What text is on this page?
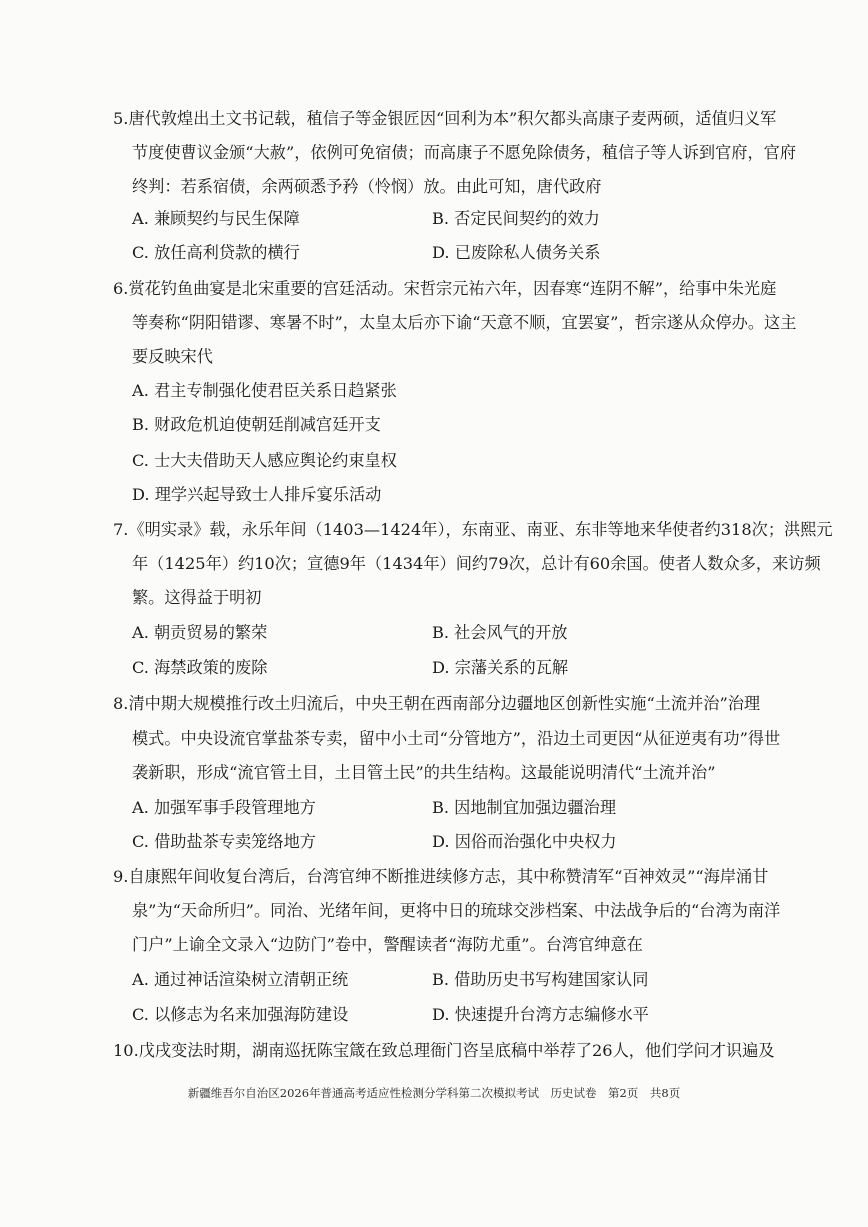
5.唐代敦煌出土文书记载，稙信子等金银匠因“回利为本”积欠都头高康子麦两硕，适值归义军
节度使曹议金颁“大赦”，依例可免宿债；而高康子不愿免除债务，稙信子等人诉到官府，官府
终判：若系宿债，余两硕悉予矜（怜悯）放。由此可知，唐代政府
A. 兼顾契约与民生保障	B. 否定民间契约的效力
C. 放任高利贷款的横行	D. 已废除私人债务关系
6.赏花钓鱼曲宴是北宋重要的宫廷活动。宋哲宗元祐六年，因春寒“连阴不解”，给事中朱光庭
等奏称“阴阳错谬、寒暑不时”，太皇太后亦下谕“天意不顺，宜罢宴”，哲宗遂从众停办。这主
要反映宋代
A. 君主专制强化使君臣关系日趋紧张
B. 财政危机迫使朝廷削减宫廷开支
C. 士大夫借助天人感应舆论约束皇权
D. 理学兴起导致士人排斥宴乐活动
7.《明实录》载，永乐年间（1403—1424年），东南亚、南亚、东非等地来华使者约318次；洪熙元
年（1425年）约10次；宣德9年（1434年）间约79次，总计有60余国。使者人数众多，来访频
繁。这得益于明初
A. 朝贡贸易的繁荣	B. 社会风气的开放
C. 海禁政策的废除	D. 宗藩关系的瓦解
8.清中期大规模推行改土归流后，中央王朝在西南部分边疆地区创新性实施“土流并治”治理
模式。中央设流官掌盐茶专卖，留中小土司“分管地方”，沿边土司更因“从征逆夷有功”得世
袭新职，形成“流官管土目，土目管土民”的共生结构。这最能说明清代“土流并治”
A. 加强军事手段管理地方	B. 因地制宜加强边疆治理
C. 借助盐茶专卖笼络地方	D. 因俗而治强化中央权力
9.自康熙年间收复台湾后，台湾官绅不断推进续修方志，其中称赞清军“百神效灵”“海岸涌甘
泉”为“天命所归”。同治、光绪年间，更将中日的琉球交涉档案、中法战争后的“台湾为南洋
门户”上谕全文录入“边防门”卷中，警醒读者“海防尤重”。台湾官绅意在
A. 通过神话渲染树立清朝正统	B. 借助历史书写构建国家认同
C. 以修志为名来加强海防建设	D. 快速提升台湾方志编修水平
10.戊戌变法时期，湖南巡抚陈宝箴在致总理衙门咨呈底稿中举荐了26人，他们学问才识遍及
新疆维吾尔自治区2026年普通高考适应性检测分学科第二次模拟考试　历史试卷　第2页　共8页
